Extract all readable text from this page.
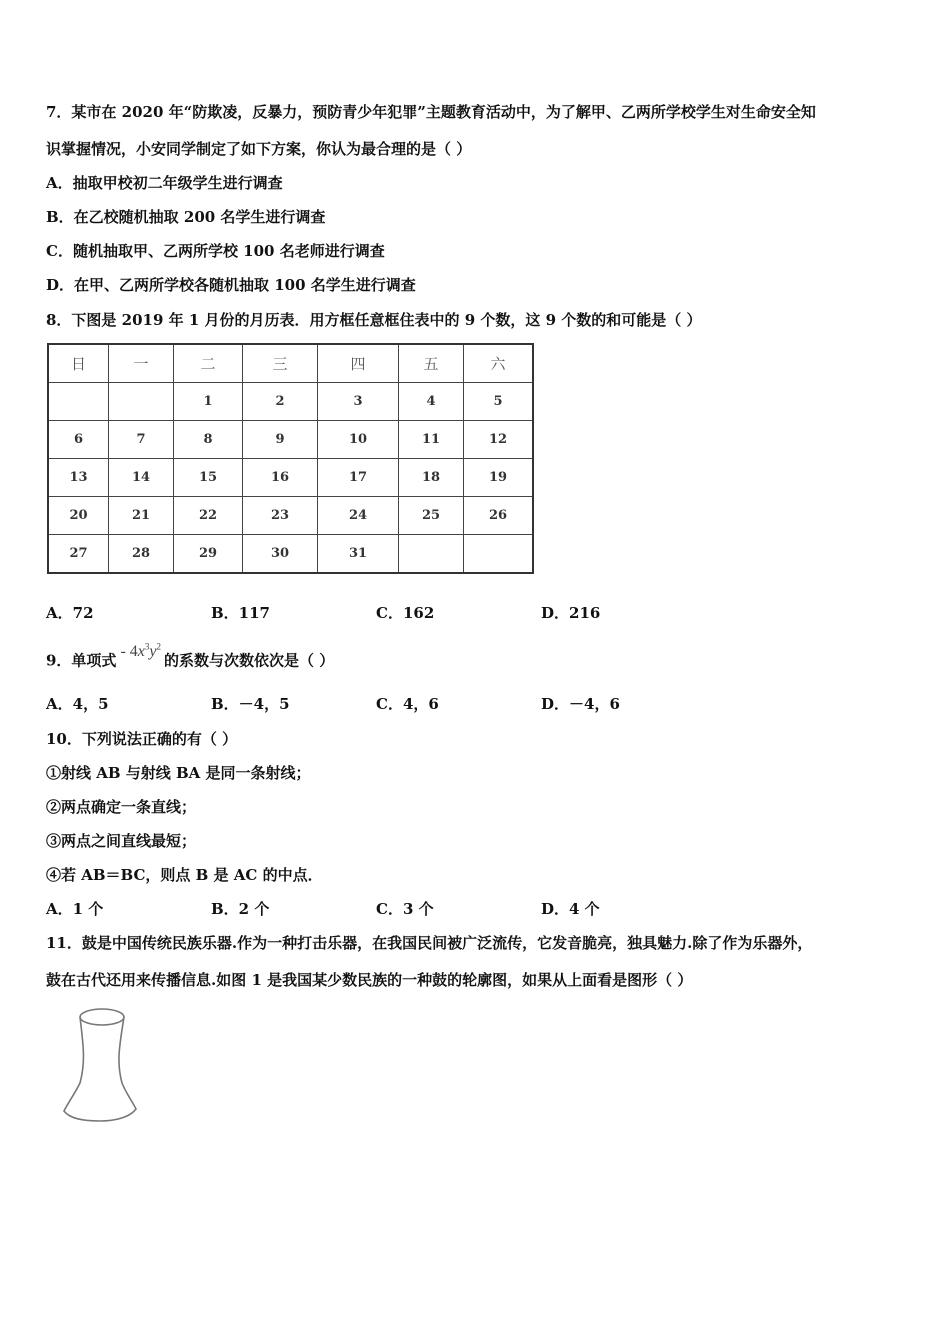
7．某市在 2020 年“防欺凌，反暴力，预防青少年犯罪”主题教育活动中，为了解甲、乙两所学校学生对生命安全知
识掌握情况，小安同学制定了如下方案，你认为最合理的是（ ）
A．抽取甲校初二年级学生进行调查
B．在乙校随机抽取 200 名学生进行调查
C．随机抽取甲、乙两所学校 100 名老师进行调查
D．在甲、乙两所学校各随机抽取 100 名学生进行调查
8．下图是 2019 年 1 月份的月历表．用方框任意框住表中的 9 个数，这 9 个数的和可能是（ ）
日	一	二	三	四	五	六
		1	2	3	4	5
6	7	8	9	10	11	12
13	14	15	16	17	18	19
20	21	22	23	24	25	26
27	28	29	30	31		
A．72	B．117	C．162	D．216
9．单项式 - $4x^3y^2$的系数与次数依次是（ ）
A．4，5	B．－4，5	C．4，6	D．－4，6
10．下列说法正确的有（ ）
①射线 AB 与射线 BA 是同一条射线；
②两点确定一条直线；
③两点之间直线最短；
④若 AB＝BC，则点 B 是 AC 的中点．
A．1 个	B．2 个	C．3 个	D．4 个
11．鼓是中国传统民族乐器.作为一种打击乐器，在我国民间被广泛流传，它发音脆亮，独具魅力.除了作为乐器外，
鼓在古代还用来传播信息.如图 1 是我国某少数民族的一种鼓的轮廓图，如果从上面看是图形（ ）
